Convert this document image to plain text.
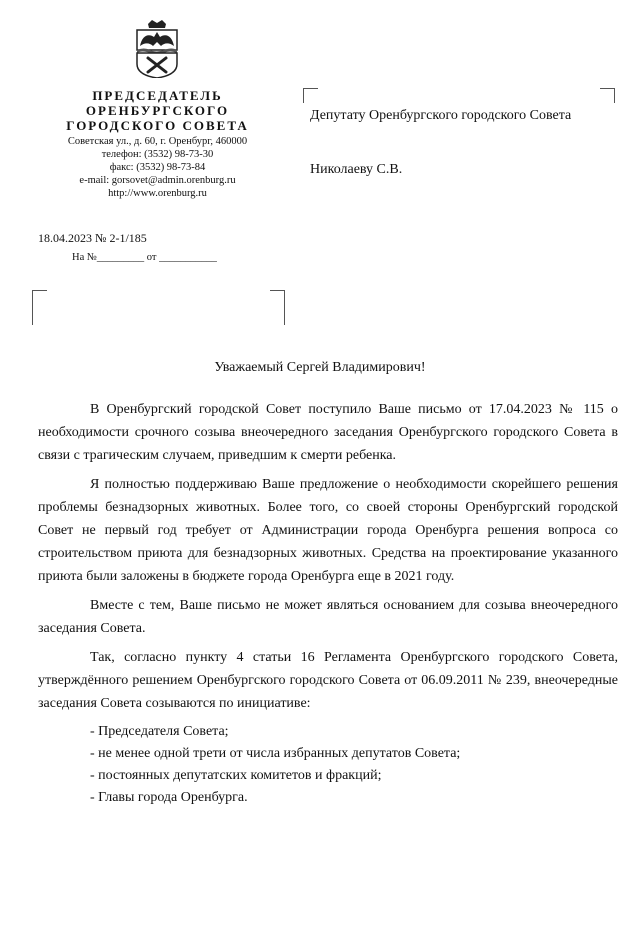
ПРЕДСЕДАТЕЛЬ

ОРЕНБУРГСКОГО

ГОРОДСКОГО СОВЕТА

Советская ул., д. 60, г. Оренбург, 460000
телефон: (3532) 98-73-30
факс: (3532) 98-73-84
e-mail: gorsovet@admin.orenburg.ru
http://www.orenburg.ru
18.04.2023 № 2-1/185
На №_________ от ___________
Депутату Оренбургского городского Совета
Николаеву С.В.
Уважаемый Сергей Владимирович!

В Оренбургский городской Совет поступило Ваше письмо от 17.04.2023 № 115 о необходимости срочного созыва внеочередного заседания Оренбургского городского Совета в связи с трагическим случаем, приведшим к смерти ребенка.

Я полностью поддерживаю Ваше предложение о необходимости скорейшего решения проблемы безнадзорных животных. Более того, со своей стороны Оренбургский городской Совет не первый год требует от Администрации города Оренбурга решения вопроса со строительством приюта для безнадзорных животных. Средства на проектирование указанного приюта были заложены в бюджете города Оренбурга еще в 2021 году.

Вместе с тем, Ваше письмо не может являться основанием для созыва внеочередного заседания Совета.

Так, согласно пункту 4 статьи 16 Регламента Оренбургского городского Совета, утверждённого решением Оренбургского городского Совета от 06.09.2011 № 239, внеочередные заседания Совета созываются по инициативе:

- Председателя Совета;
- не менее одной трети от числа избранных депутатов Совета;
- постоянных депутатских комитетов и фракций;
- Главы города Оренбурга.
